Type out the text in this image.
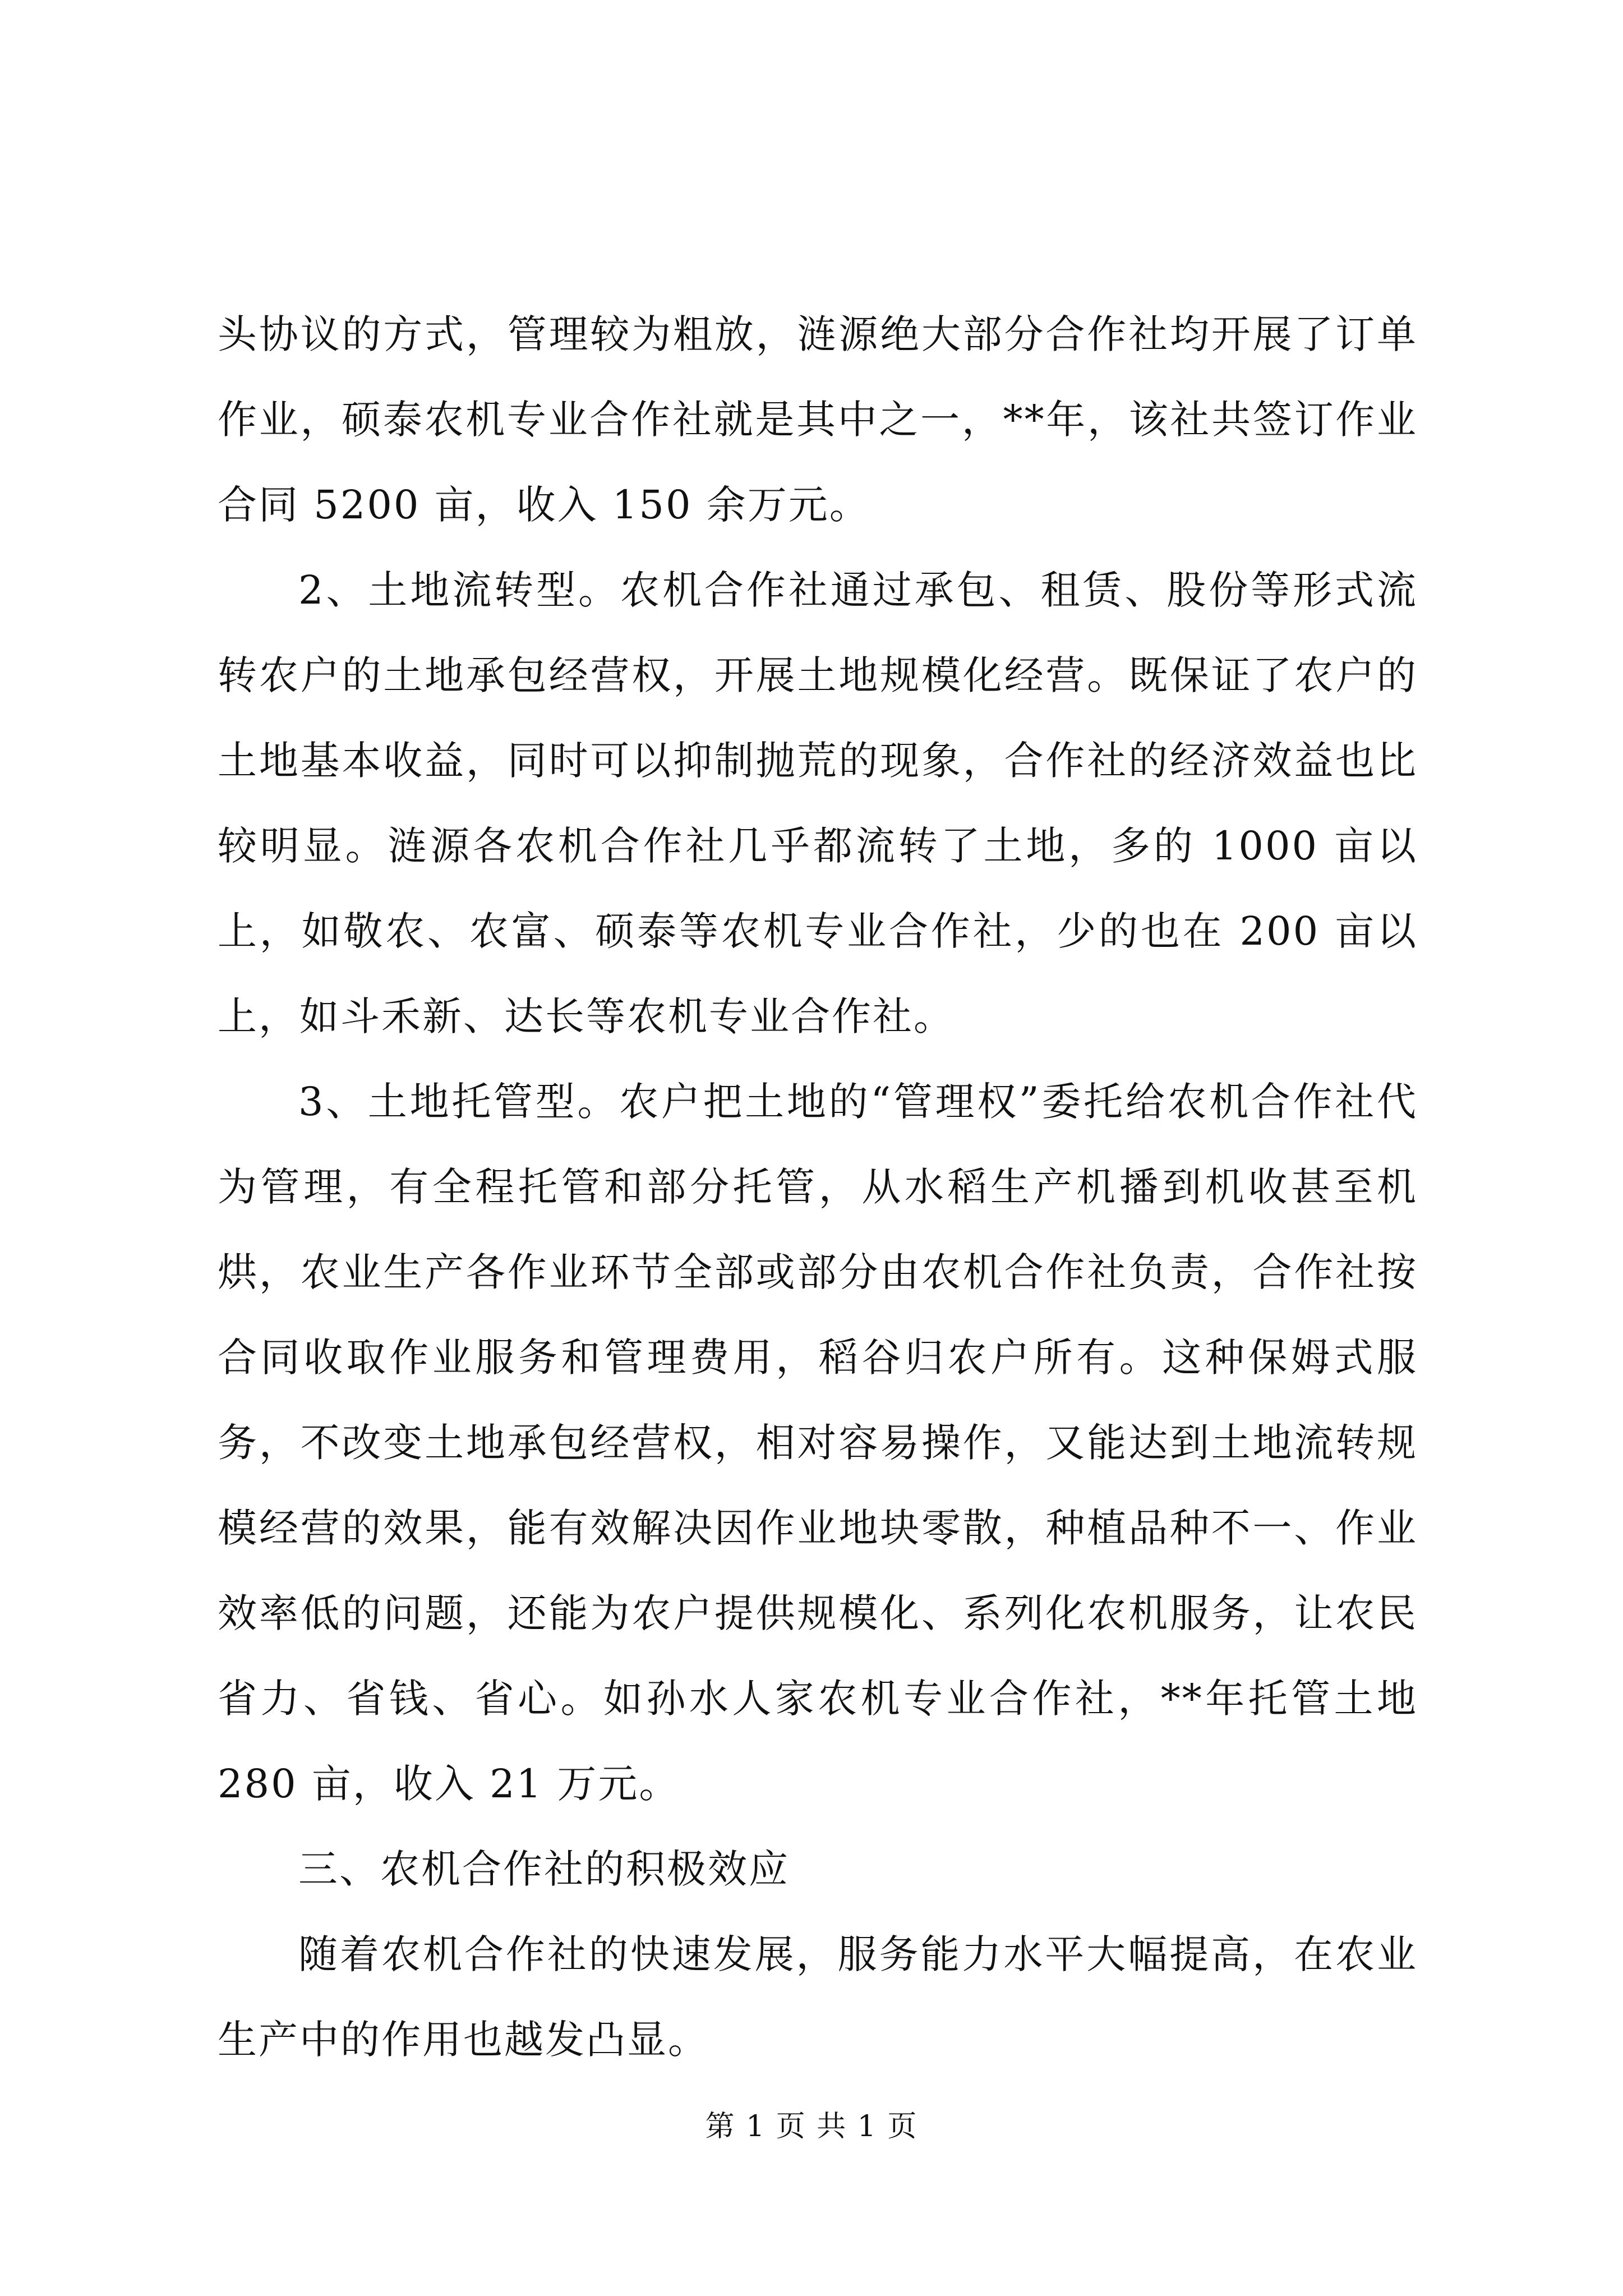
头协议的方式，管理较为粗放，涟源绝大部分合作社均开展了订单作业，硕泰农机专业合作社就是其中之一，**年，该社共签订作业合同 5200 亩，收入 150 余万元。

2、土地流转型。农机合作社通过承包、租赁、股份等形式流转农户的土地承包经营权，开展土地规模化经营。既保证了农户的土地基本收益，同时可以抑制抛荒的现象，合作社的经济效益也比较明显。涟源各农机合作社几乎都流转了土地，多的 1000 亩以上，如敬农、农富、硕泰等农机专业合作社，少的也在 200 亩以上，如斗禾新、达长等农机专业合作社。

3、土地托管型。农户把土地的“管理权”委托给农机合作社代为管理，有全程托管和部分托管，从水稻生产机播到机收甚至机烘，农业生产各作业环节全部或部分由农机合作社负责，合作社按合同收取作业服务和管理费用，稻谷归农户所有。这种保姆式服务，不改变土地承包经营权，相对容易操作，又能达到土地流转规模经营的效果，能有效解决因作业地块零散，种植品种不一、作业效率低的问题，还能为农户提供规模化、系列化农机服务，让农民省力、省钱、省心。如孙水人家农机专业合作社，**年托管土地 280 亩，收入 21 万元。

三、农机合作社的积极效应

随着农机合作社的快速发展，服务能力水平大幅提高，在农业生产中的作用也越发凸显。

第 1 页 共 1 页
